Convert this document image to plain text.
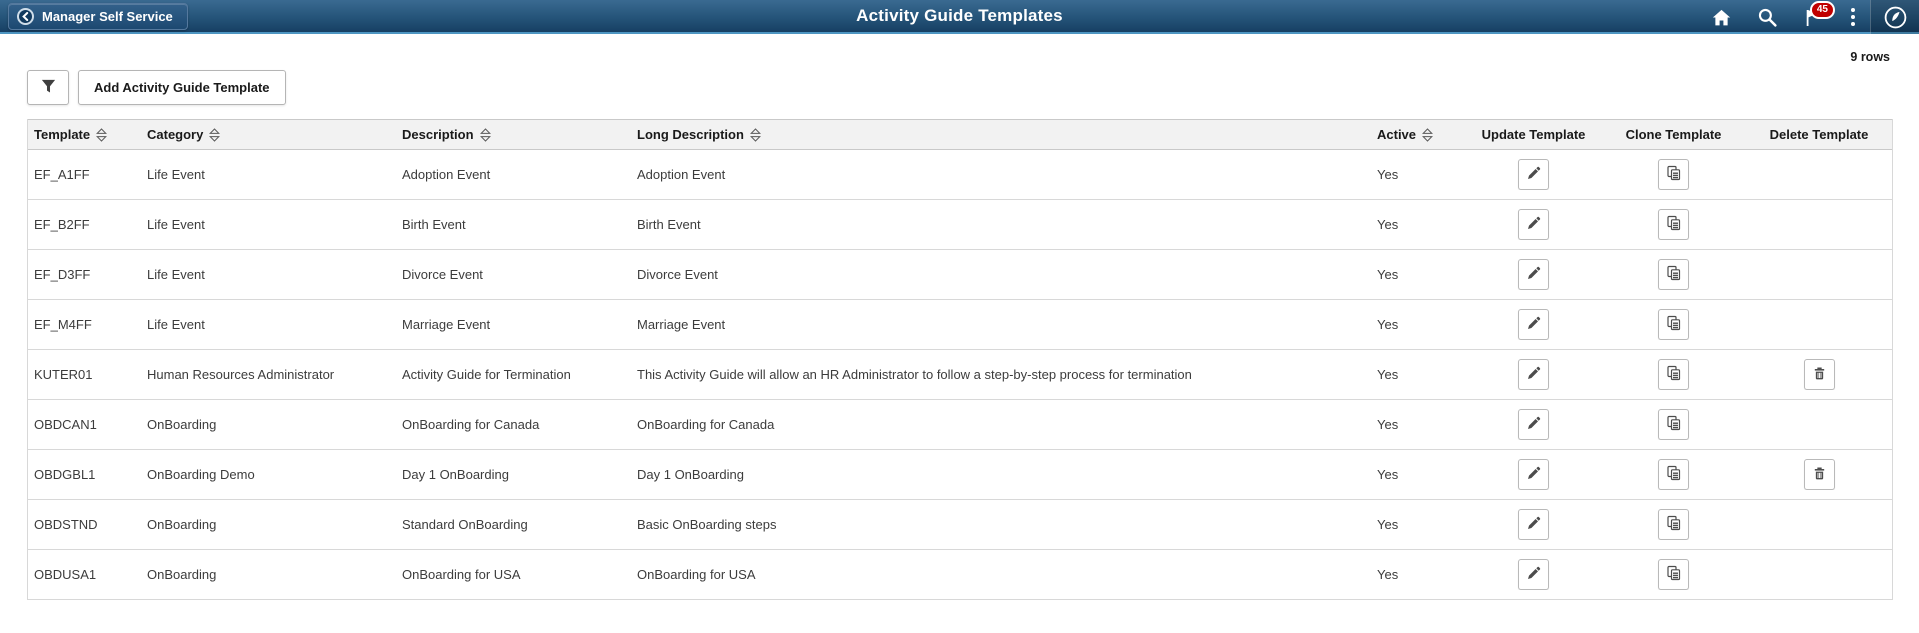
Manager Self Service	Activity Guide Templates	45
9 rows
Add Activity Guide Template
Template	Category	Description	Long Description	Active	Update Template	Clone Template	Delete Template
EF_A1FF	Life Event	Adoption Event	Adoption Event	Yes
EF_B2FF	Life Event	Birth Event	Birth Event	Yes
EF_D3FF	Life Event	Divorce Event	Divorce Event	Yes
EF_M4FF	Life Event	Marriage Event	Marriage Event	Yes
KUTER01	Human Resources Administrator	Activity Guide for Termination	This Activity Guide will allow an HR Administrator to follow a step-by-step process for termination	Yes
OBDCAN1	OnBoarding	OnBoarding for Canada	OnBoarding for Canada	Yes
OBDGBL1	OnBoarding Demo	Day 1 OnBoarding	Day 1 OnBoarding	Yes
OBDSTND	OnBoarding	Standard OnBoarding	Basic OnBoarding steps	Yes
OBDUSA1	OnBoarding	OnBoarding for USA	OnBoarding for USA	Yes
